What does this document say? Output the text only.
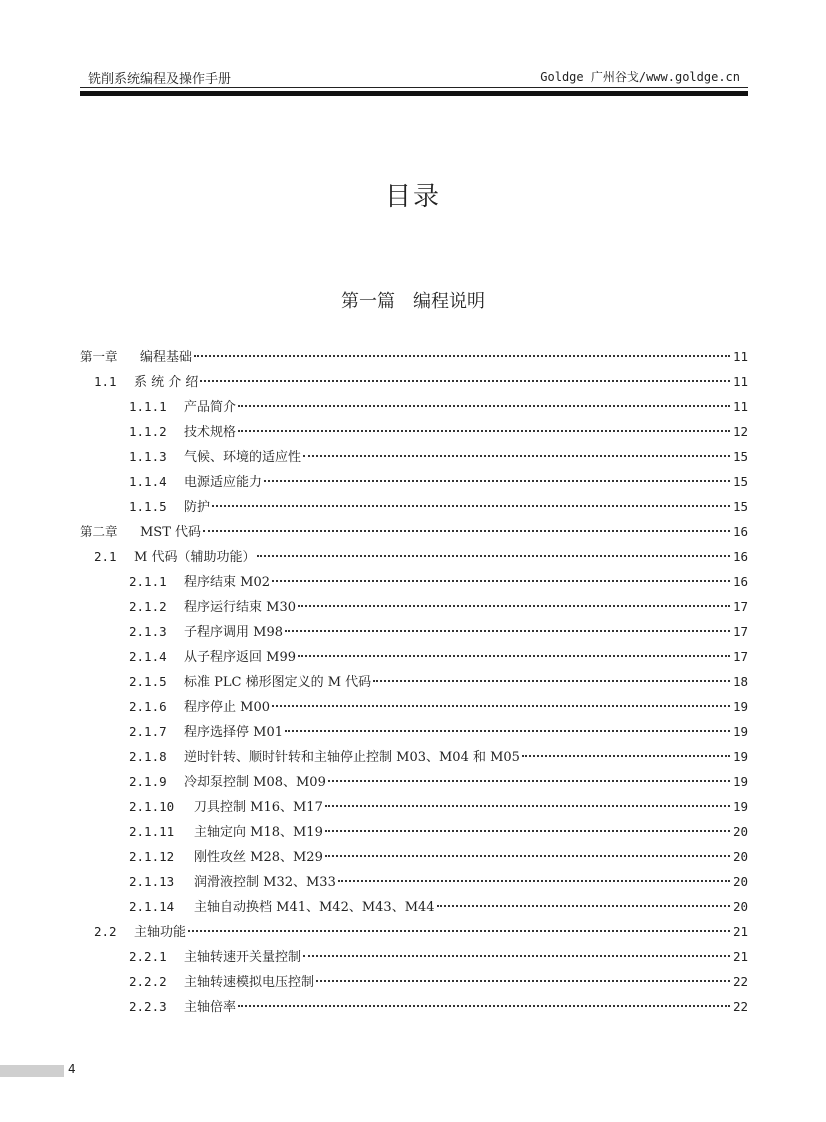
铣削系统编程及操作手册	Goldge 广州谷戈/www.goldge.cn
目录
第一篇　编程说明
第一章	编程基础	11
1.1	系 统 介 绍	11
1.1.1	产品简介	11
1.1.2	技术规格	12
1.1.3	气候、环境的适应性	15
1.1.4	电源适应能力	15
1.1.5	防护	15
第二章	MST 代码	16
2.1	M 代码（辅助功能）	16
2.1.1	程序结束 M02	16
2.1.2	程序运行结束 M30	17
2.1.3	子程序调用 M98	17
2.1.4	从子程序返回 M99	17
2.1.5	标准 PLC 梯形图定义的 M 代码	18
2.1.6	程序停止 M00	19
2.1.7	程序选择停 M01	19
2.1.8	逆时针转、顺时针转和主轴停止控制 M03、M04 和 M05	19
2.1.9	冷却泵控制 M08、M09	19
2.1.10	刀具控制 M16、M17	19
2.1.11	主轴定向 M18、M19	20
2.1.12	刚性攻丝 M28、M29	20
2.1.13	润滑液控制 M32、M33	20
2.1.14	主轴自动换档 M41、M42、M43、M44	20
2.2	主轴功能	21
2.2.1	主轴转速开关量控制	21
2.2.2	主轴转速模拟电压控制	22
2.2.3	主轴倍率	22
4
